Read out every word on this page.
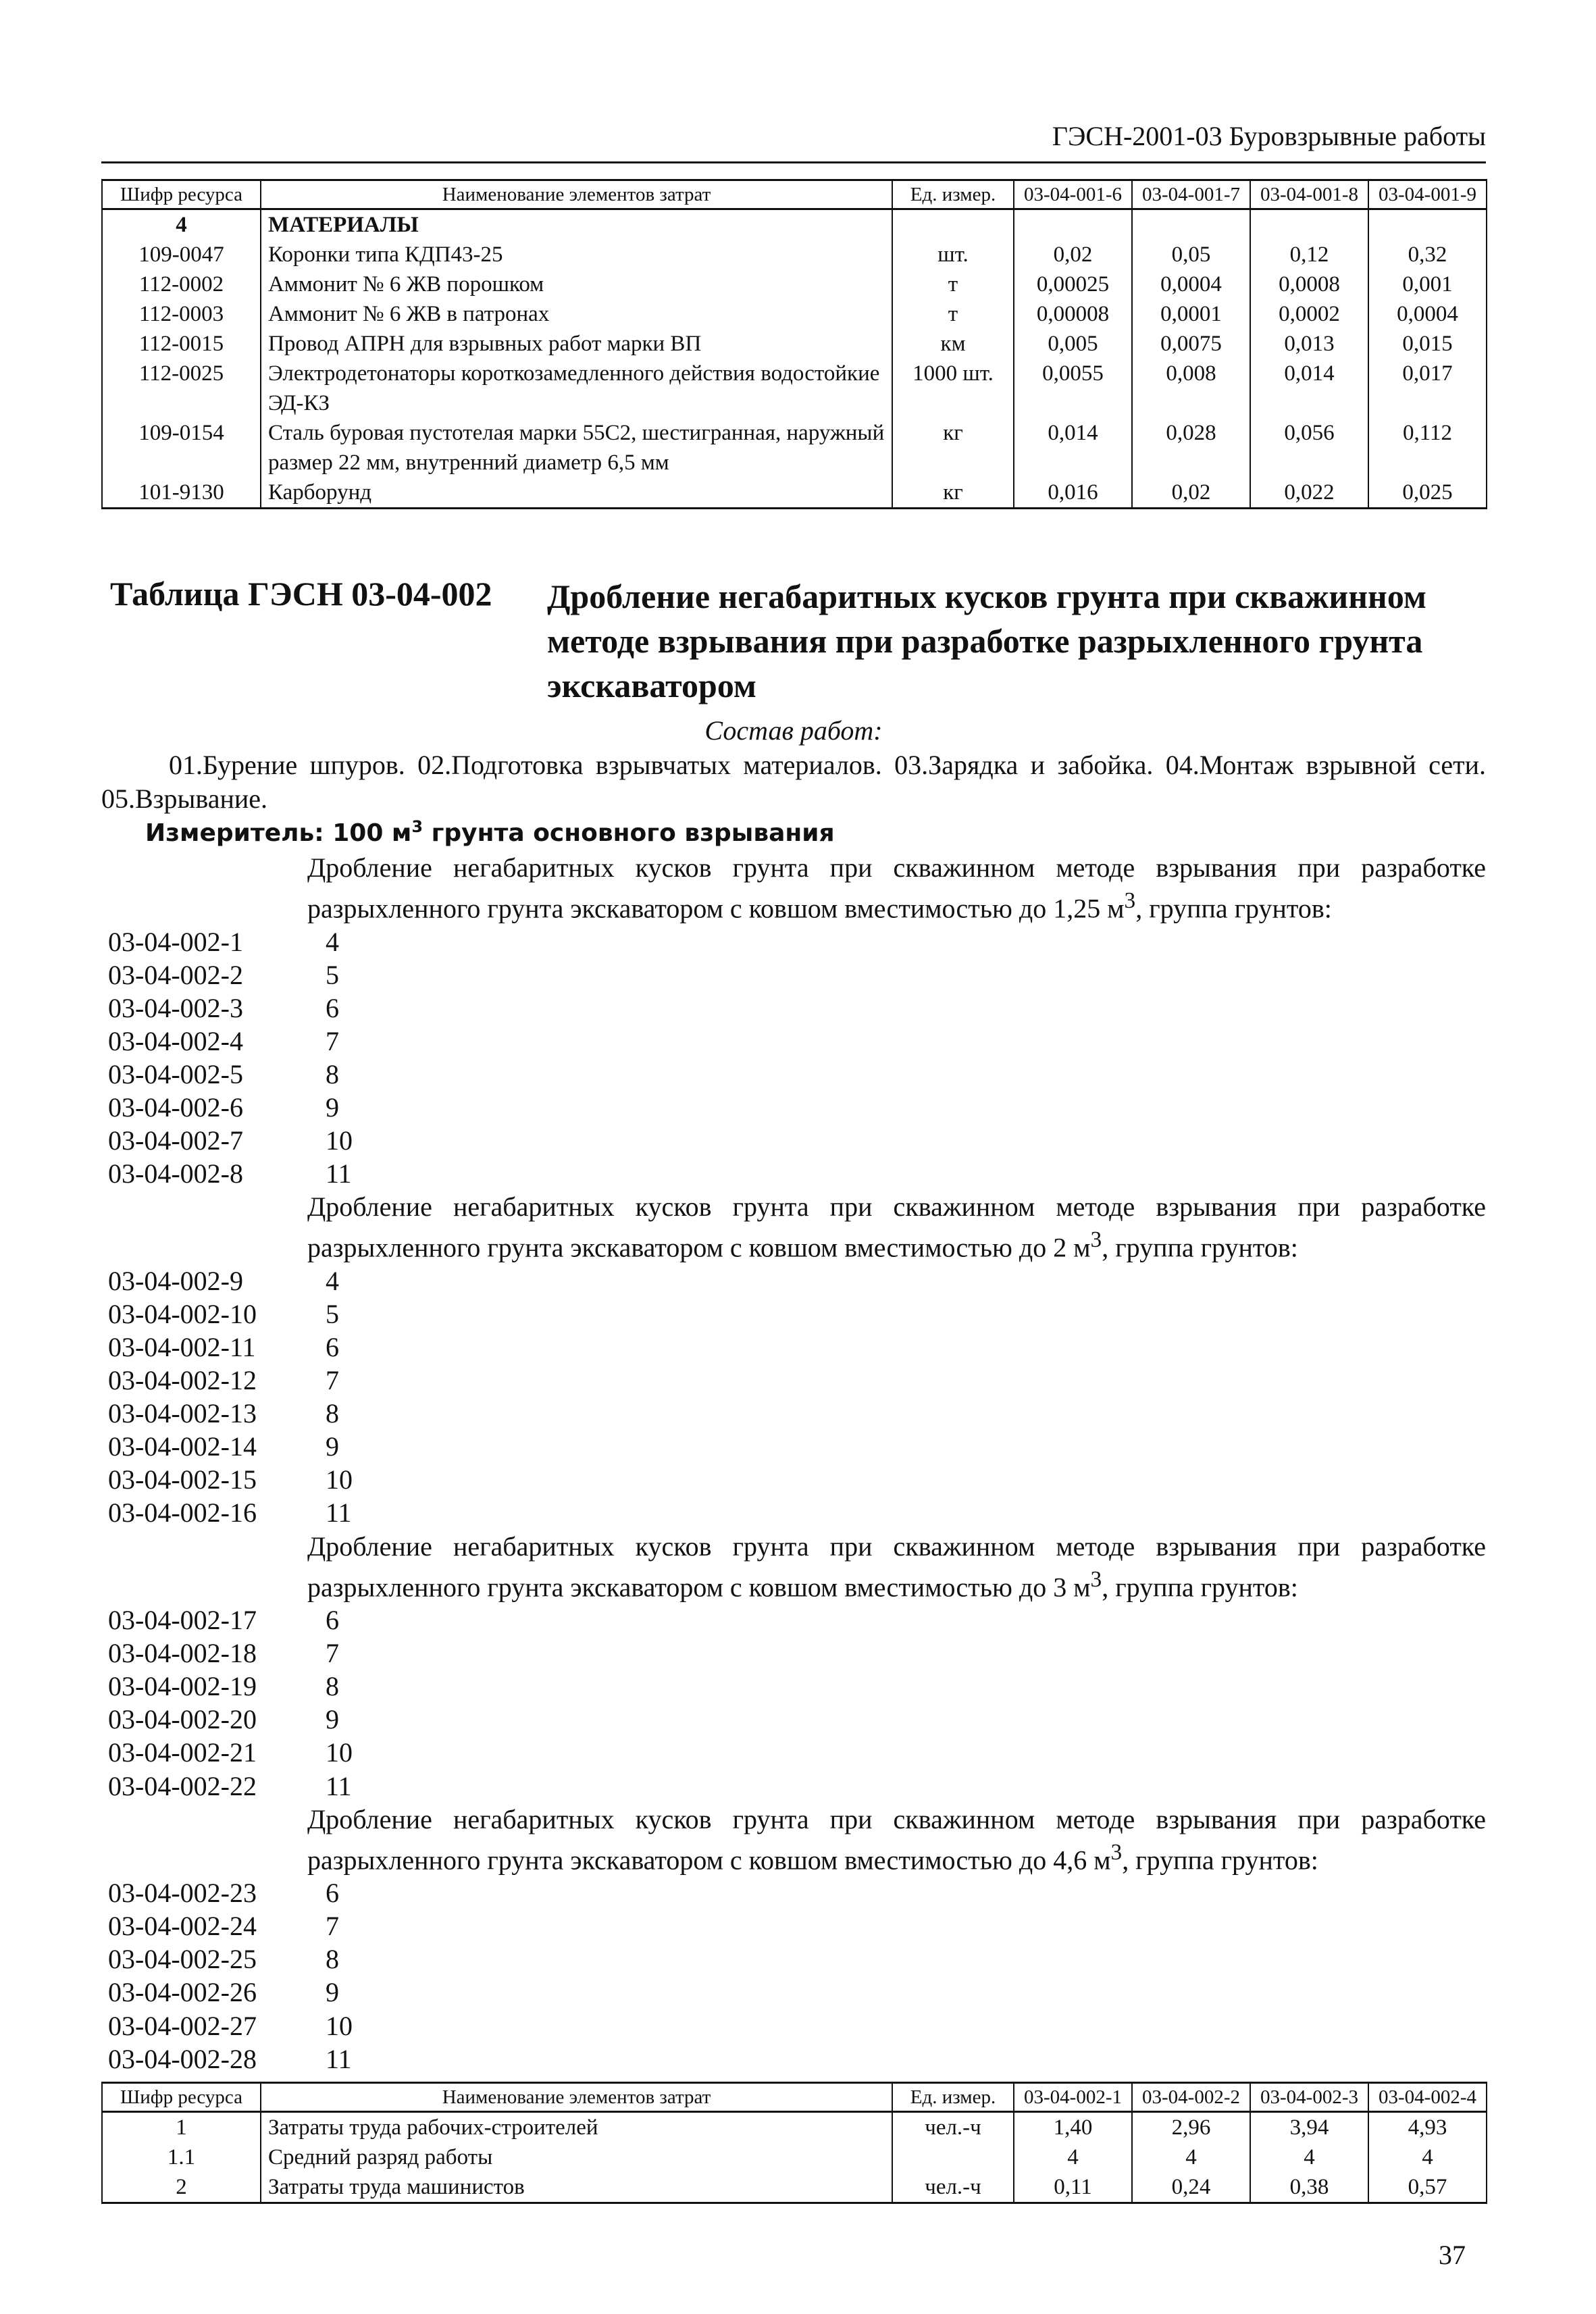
ГЭСН-2001-03 Буровзрывные работы
Шифр ресурса	Наименование элементов затрат	Ед. измер.	03-04-001-6	03-04-001-7	03-04-001-8	03-04-001-9
4	МАТЕРИАЛЫ					
109-0047	Коронки типа КДП43-25	шт.	0,02	0,05	0,12	0,32
112-0002	Аммонит № 6 ЖВ порошком	т	0,00025	0,0004	0,0008	0,001
112-0003	Аммонит № 6 ЖВ в патронах	т	0,00008	0,0001	0,0002	0,0004
112-0015	Провод АПРН для взрывных работ марки ВП	км	0,005	0,0075	0,013	0,015
112-0025	Электродетонаторы короткозамедленного действия водостойкие ЭД-КЗ	1000 шт.	0,0055	0,008	0,014	0,017
109-0154	Сталь буровая пустотелая марки 55С2, шестигранная, наружный размер 22 мм, внутренний диаметр 6,5 мм	кг	0,014	0,028	0,056	0,112
101-9130	Карборунд	кг	0,016	0,02	0,022	0,025
Таблица ГЭСН 03-04-002 Дробление негабаритных кусков грунта при скважинном методе взрывания при разработке разрыхленного грунта экскаватором
Состав работ:
01.Бурение шпуров. 02.Подготовка взрывчатых материалов. 03.Зарядка и забойка. 04.Монтаж взрывной сети. 05.Взрывание.
Измеритель: 100 $м^3$ грунта основного взрывания
Дробление негабаритных кусков грунта при скважинном методе взрывания при разработке разрыхленного грунта экскаватором с ковшом вместимостью до 1,25 $м^3$, группа грунтов:
03-04-002-1	4
03-04-002-2	5
03-04-002-3	6
03-04-002-4	7
03-04-002-5	8
03-04-002-6	9
03-04-002-7	10
03-04-002-8	11
Дробление негабаритных кусков грунта при скважинном методе взрывания при разработке разрыхленного грунта экскаватором с ковшом вместимостью до 2 $м^3$, группа грунтов:
03-04-002-9	4
03-04-002-10	5
03-04-002-11	6
03-04-002-12	7
03-04-002-13	8
03-04-002-14	9
03-04-002-15	10
03-04-002-16	11
Дробление негабаритных кусков грунта при скважинном методе взрывания при разработке разрыхленного грунта экскаватором с ковшом вместимостью до 3 $м^3$, группа грунтов:
03-04-002-17	6
03-04-002-18	7
03-04-002-19	8
03-04-002-20	9
03-04-002-21	10
03-04-002-22	11
Дробление негабаритных кусков грунта при скважинном методе взрывания при разработке разрыхленного грунта экскаватором с ковшом вместимостью до 4,6 $м^3$, группа грунтов:
03-04-002-23	6
03-04-002-24	7
03-04-002-25	8
03-04-002-26	9
03-04-002-27	10
03-04-002-28	11
Шифр ресурса	Наименование элементов затрат	Ед. измер.	03-04-002-1	03-04-002-2	03-04-002-3	03-04-002-4
1	Затраты труда рабочих-строителей	чел.-ч	1,40	2,96	3,94	4,93
1.1	Средний разряд работы		4	4	4	4
2	Затраты труда машинистов	чел.-ч	0,11	0,24	0,38	0,57
37
